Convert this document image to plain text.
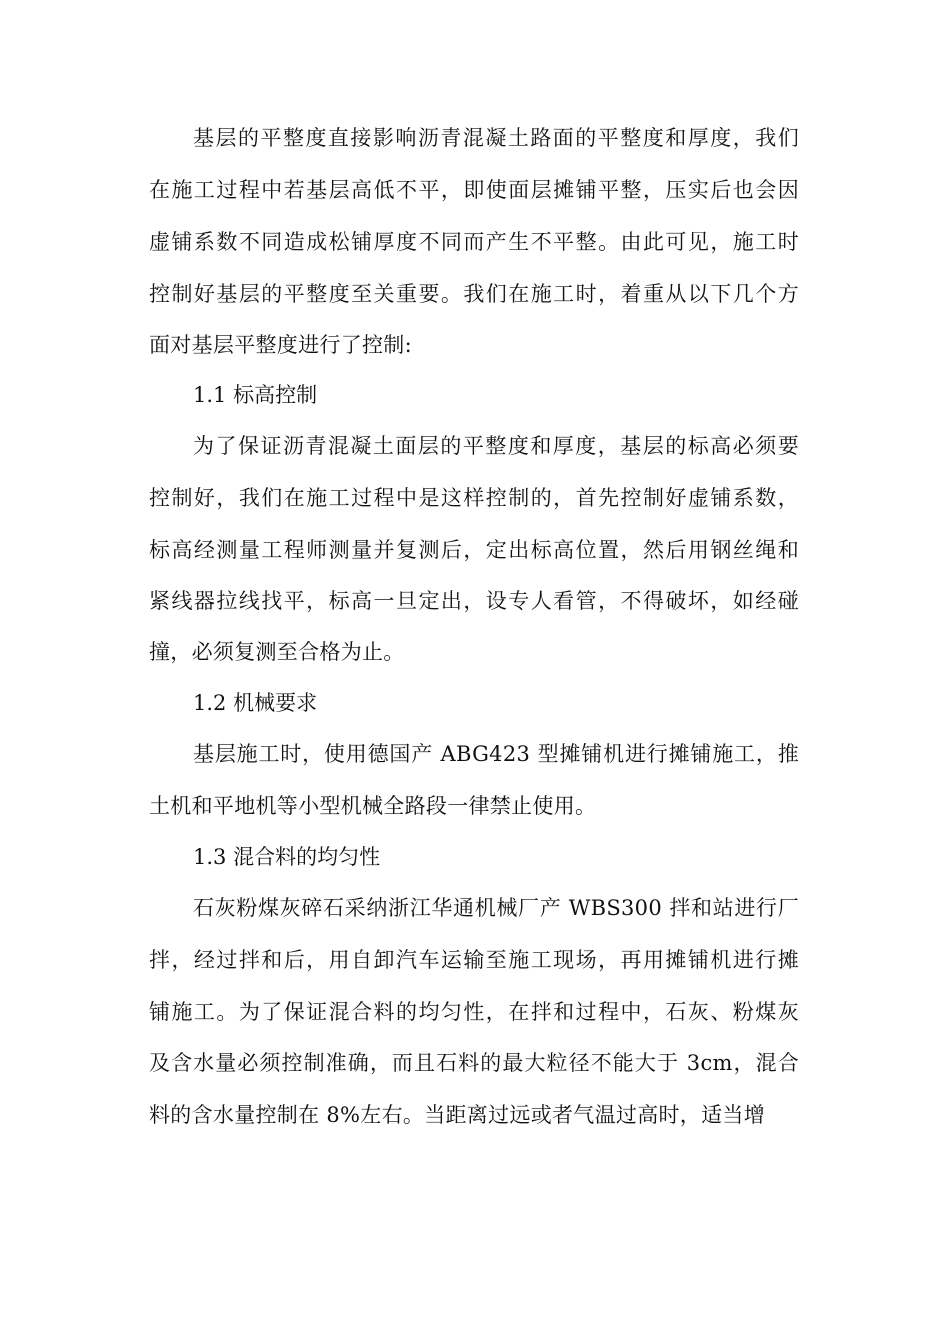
基层的平整度直接影响沥青混凝土路面的平整度和厚度，我们
在施工过程中若基层高低不平，即使面层摊铺平整，压实后也会因
虚铺系数不同造成松铺厚度不同而产生不平整。由此可见，施工时
控制好基层的平整度至关重要。我们在施工时，着重从以下几个方
面对基层平整度进行了控制:
1.1 标高控制
为了保证沥青混凝土面层的平整度和厚度，基层的标高必须要
控制好，我们在施工过程中是这样控制的，首先控制好虚铺系数，
标高经测量工程师测量并复测后，定出标高位置，然后用钢丝绳和
紧线器拉线找平，标高一旦定出，设专人看管，不得破坏，如经碰
撞，必须复测至合格为止。
1.2 机械要求
基层施工时，使用德国产 ABG423 型摊铺机进行摊铺施工，推
土机和平地机等小型机械全路段一律禁止使用。
1.3 混合料的均匀性
石灰粉煤灰碎石采纳浙江华通机械厂产 WBS300 拌和站进行厂
拌，经过拌和后，用自卸汽车运输至施工现场，再用摊铺机进行摊
铺施工。为了保证混合料的均匀性，在拌和过程中，石灰、粉煤灰
及含水量必须控制准确，而且石料的最大粒径不能大于 3cm，混合
料的含水量控制在 8%左右。当距离过远或者气温过高时，适当增
